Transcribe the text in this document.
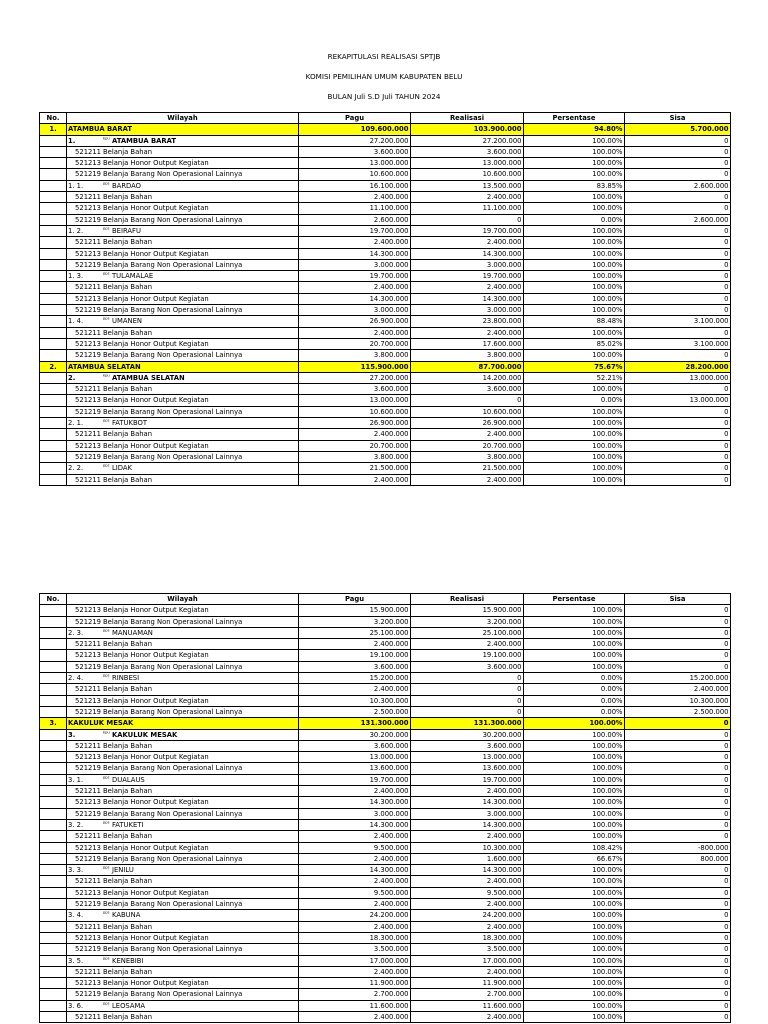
REKAPITULASI REALISASI SPTJB
KOMISI PEMILIHAN UMUM KABUPATEN BELU
BULAN Juli S.D Juli TAHUN 2024
No.	Wilayah	Pagu	Realisasi	Persentase	Sisa
1.	ATAMBUA BARAT	109.600.000	103.900.000	94.80%	5.700.000
1.	kpu ATAMBUA BARAT	27.200.000	27.200.000	100.00%	0
521211 Belanja Bahan	3.600.000	3.600.000	100.00%	0
521213 Belanja Honor Output Kegiatan	13.000.000	13.000.000	100.00%	0
521219 Belanja Barang Non Operasional Lainnya	10.600.000	10.600.000	100.00%	0
1. 1.	pps BARDAO	16.100.000	13.500.000	83.85%	2.600.000
521211 Belanja Bahan	2.400.000	2.400.000	100.00%	0
521213 Belanja Honor Output Kegiatan	11.100.000	11.100.000	100.00%	0
521219 Belanja Barang Non Operasional Lainnya	2.600.000	0	0.00%	2.600.000
1. 2.	pps BEIRAFU	19.700.000	19.700.000	100.00%	0
521211 Belanja Bahan	2.400.000	2.400.000	100.00%	0
521213 Belanja Honor Output Kegiatan	14.300.000	14.300.000	100.00%	0
521219 Belanja Barang Non Operasional Lainnya	3.000.000	3.000.000	100.00%	0
1. 3.	pps TULAMALAE	19.700.000	19.700.000	100.00%	0
521211 Belanja Bahan	2.400.000	2.400.000	100.00%	0
521213 Belanja Honor Output Kegiatan	14.300.000	14.300.000	100.00%	0
521219 Belanja Barang Non Operasional Lainnya	3.000.000	3.000.000	100.00%	0
1. 4.	pps UMANEN	26.900.000	23.800.000	88.48%	3.100.000
521211 Belanja Bahan	2.400.000	2.400.000	100.00%	0
521213 Belanja Honor Output Kegiatan	20.700.000	17.600.000	85.02%	3.100.000
521219 Belanja Barang Non Operasional Lainnya	3.800.000	3.800.000	100.00%	0
2.	ATAMBUA SELATAN	115.900.000	87.700.000	75.67%	28.200.000
2.	kpu ATAMBUA SELATAN	27.200.000	14.200.000	52.21%	13.000.000
521211 Belanja Bahan	3.600.000	3.600.000	100.00%	0
521213 Belanja Honor Output Kegiatan	13.000.000	0	0.00%	13.000.000
521219 Belanja Barang Non Operasional Lainnya	10.600.000	10.600.000	100.00%	0
2. 1.	pps FATUKBOT	26.900.000	26.900.000	100.00%	0
521211 Belanja Bahan	2.400.000	2.400.000	100.00%	0
521213 Belanja Honor Output Kegiatan	20.700.000	20.700.000	100.00%	0
521219 Belanja Barang Non Operasional Lainnya	3.800.000	3.800.000	100.00%	0
2. 2.	pps LIDAK	21.500.000	21.500.000	100.00%	0
521211 Belanja Bahan	2.400.000	2.400.000	100.00%	0
No.	Wilayah	Pagu	Realisasi	Persentase	Sisa
521213 Belanja Honor Output Kegiatan	15.900.000	15.900.000	100.00%	0
521219 Belanja Barang Non Operasional Lainnya	3.200.000	3.200.000	100.00%	0
2. 3.	pps MANUAMAN	25.100.000	25.100.000	100.00%	0
521211 Belanja Bahan	2.400.000	2.400.000	100.00%	0
521213 Belanja Honor Output Kegiatan	19.100.000	19.100.000	100.00%	0
521219 Belanja Barang Non Operasional Lainnya	3.600.000	3.600.000	100.00%	0
2. 4.	pps RINBESI	15.200.000	0	0.00%	15.200.000
521211 Belanja Bahan	2.400.000	0	0.00%	2.400.000
521213 Belanja Honor Output Kegiatan	10.300.000	0	0.00%	10.300.000
521219 Belanja Barang Non Operasional Lainnya	2.500.000	0	0.00%	2.500.000
3.	KAKULUK MESAK	131.300.000	131.300.000	100.00%	0
3.	kpu KAKULUK MESAK	30.200.000	30.200.000	100.00%	0
521211 Belanja Bahan	3.600.000	3.600.000	100.00%	0
521213 Belanja Honor Output Kegiatan	13.000.000	13.000.000	100.00%	0
521219 Belanja Barang Non Operasional Lainnya	13.600.000	13.600.000	100.00%	0
3. 1.	pps DUALAUS	19.700.000	19.700.000	100.00%	0
521211 Belanja Bahan	2.400.000	2.400.000	100.00%	0
521213 Belanja Honor Output Kegiatan	14.300.000	14.300.000	100.00%	0
521219 Belanja Barang Non Operasional Lainnya	3.000.000	3.000.000	100.00%	0
3. 2.	pps FATUKETI	14.300.000	14.300.000	100.00%	0
521211 Belanja Bahan	2.400.000	2.400.000	100.00%	0
521213 Belanja Honor Output Kegiatan	9.500.000	10.300.000	108.42%	-800.000
521219 Belanja Barang Non Operasional Lainnya	2.400.000	1.600.000	66.67%	800.000
3. 3.	pps JENILU	14.300.000	14.300.000	100.00%	0
521211 Belanja Bahan	2.400.000	2.400.000	100.00%	0
521213 Belanja Honor Output Kegiatan	9.500.000	9.500.000	100.00%	0
521219 Belanja Barang Non Operasional Lainnya	2.400.000	2.400.000	100.00%	0
3. 4.	pps KABUNA	24.200.000	24.200.000	100.00%	0
521211 Belanja Bahan	2.400.000	2.400.000	100.00%	0
521213 Belanja Honor Output Kegiatan	18.300.000	18.300.000	100.00%	0
521219 Belanja Barang Non Operasional Lainnya	3.500.000	3.500.000	100.00%	0
3. 5.	pps KENEBIBI	17.000.000	17.000.000	100.00%	0
521211 Belanja Bahan	2.400.000	2.400.000	100.00%	0
521213 Belanja Honor Output Kegiatan	11.900.000	11.900.000	100.00%	0
521219 Belanja Barang Non Operasional Lainnya	2.700.000	2.700.000	100.00%	0
3. 6.	pps LEOSAMA	11.600.000	11.600.000	100.00%	0
521211 Belanja Bahan	2.400.000	2.400.000	100.00%	0
